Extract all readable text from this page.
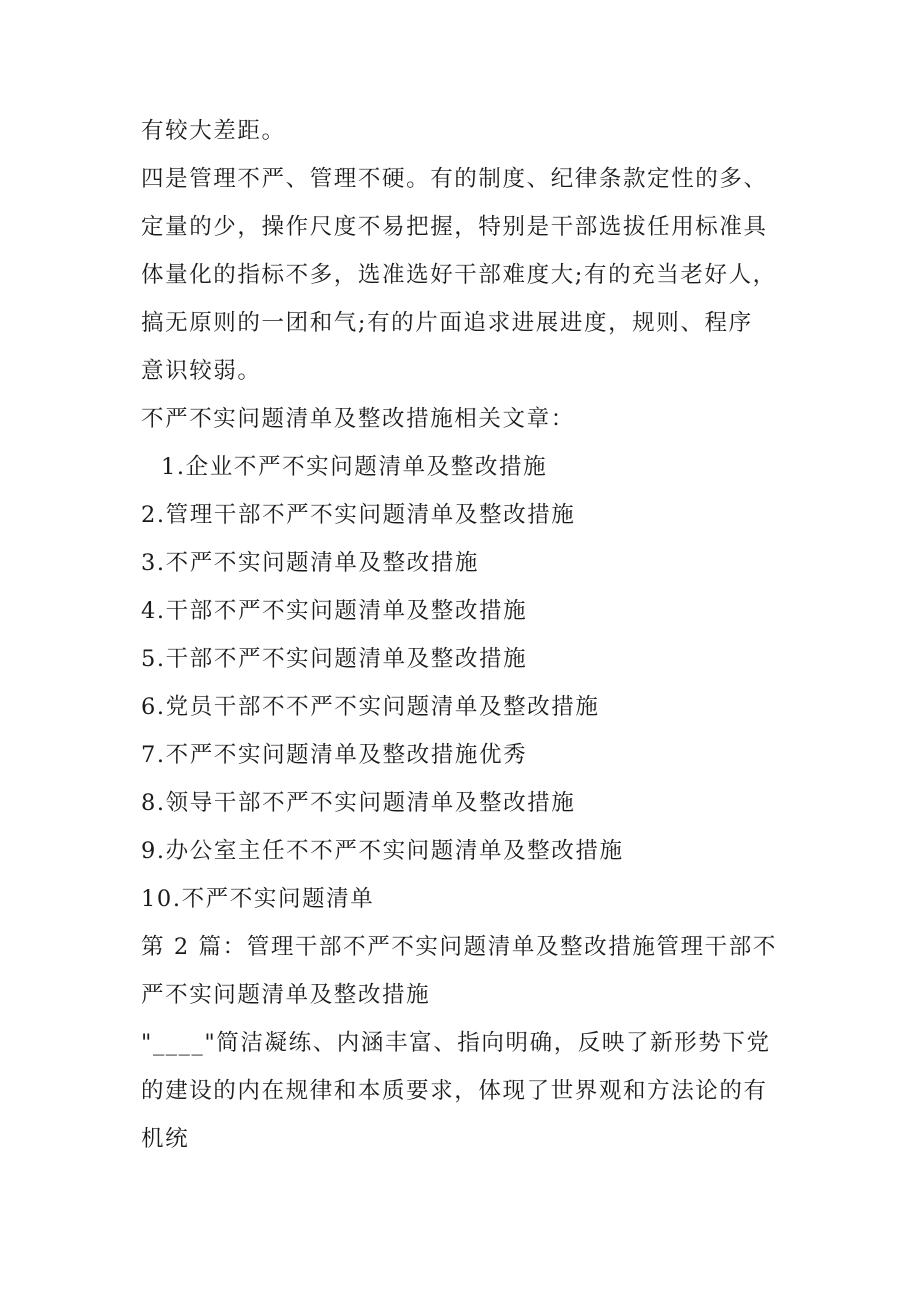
有较大差距。
四是管理不严、管理不硬。有的制度、纪律条款定性的多、
定量的少，操作尺度不易把握，特别是干部选拔任用标准具
体量化的指标不多，选准选好干部难度大;有的充当老好人，
搞无原则的一团和气;有的片面追求进展进度，规则、程序
意识较弱。
不严不实问题清单及整改措施相关文章：
1.企业不严不实问题清单及整改措施
2.管理干部不严不实问题清单及整改措施
3.不严不实问题清单及整改措施
4.干部不严不实问题清单及整改措施
5.干部不严不实问题清单及整改措施
6.党员干部不不严不实问题清单及整改措施
7.不严不实问题清单及整改措施优秀
8.领导干部不严不实问题清单及整改措施
9.办公室主任不不严不实问题清单及整改措施
10.不严不实问题清单
第 2 篇：管理干部不严不实问题清单及整改措施管理干部不
严不实问题清单及整改措施
"____"简洁凝练、内涵丰富、指向明确，反映了新形势下党
的建设的内在规律和本质要求，体现了世界观和方法论的有
机统
